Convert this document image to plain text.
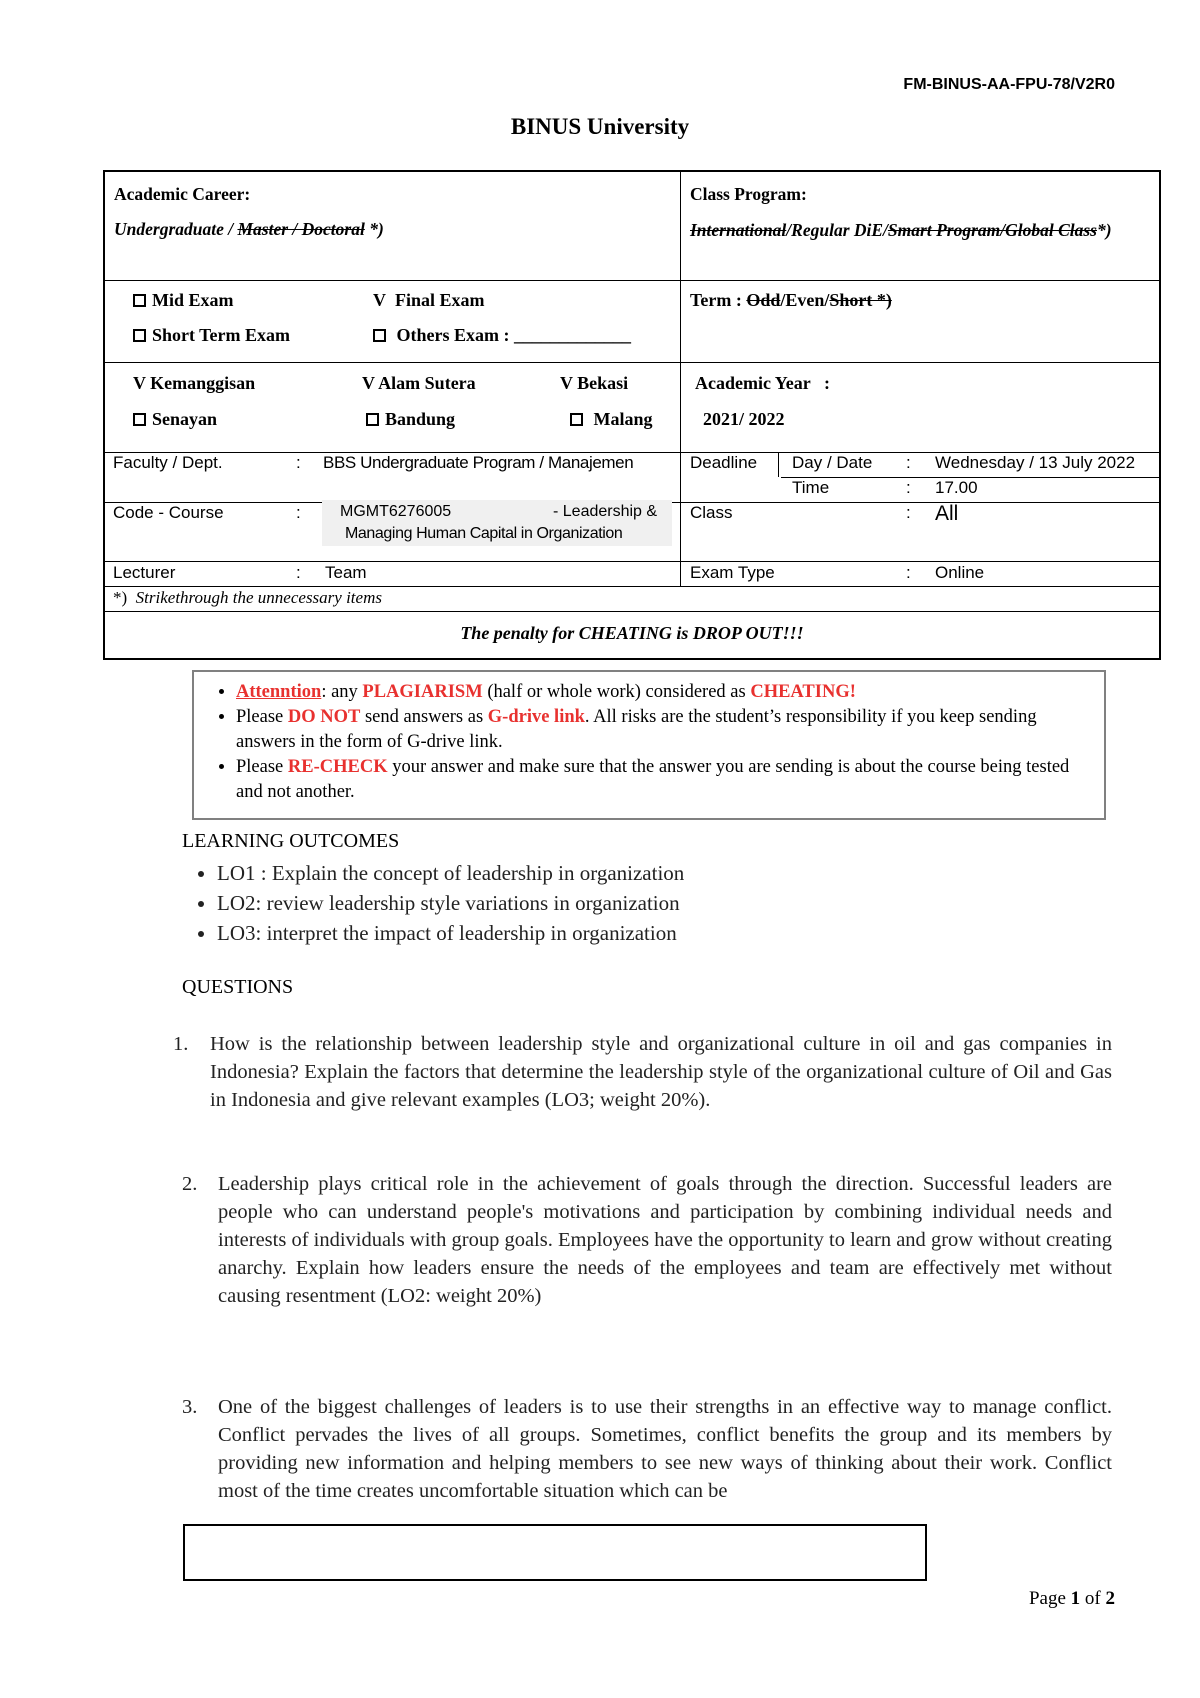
FM-BINUS-AA-FPU-78/V2R0
BINUS University
Academic Career:
Undergraduate / Master / Doctoral *)
Class Program:
International/Regular DiE/Smart Program/Global Class*)
Mid Exam	V Final Exam
Short Term Exam	Others Exam : _____________
Term : Odd/Even/Short *)
V Kemanggisan	V Alam Sutera	V Bekasi
Senayan	Bandung	Malang
Academic Year   :
2021/ 2022
Faculty / Dept.	: BBS Undergraduate Program / Manajemen	Deadline Day / Date : Wednesday / 13 July 2022
Time	: 17.00
Code - Course	: MGMT6276005	- Leadership &
Managing Human Capital in Organization
Class	: All
Lecturer	: Team	Exam Type	: Online
*) Strikethrough the unnecessary items
The penalty for CHEATING is DROP OUT!!!
• Attenntion: any PLAGIARISM (half or whole work) considered as CHEATING!
• Please DO NOT send answers as G-drive link. All risks are the student’s responsibility if you keep sending answers in the form of G-drive link.
• Please RE-CHECK your answer and make sure that the answer you are sending is about the course being tested and not another.
LEARNING OUTCOMES
• LO1 : Explain the concept of leadership in organization
• LO2: review leadership style variations in organization
• LO3: interpret the impact of leadership in organization
QUESTIONS
1. How is the relationship between leadership style and organizational culture in oil and gas companies in Indonesia? Explain the factors that determine the leadership style of the organizational culture of Oil and Gas in Indonesia and give relevant examples (LO3; weight 20%).
2. Leadership plays critical role in the achievement of goals through the direction. Successful leaders are people who can understand people's motivations and participation by combining individual needs and interests of individuals with group goals. Employees have the opportunity to learn and grow without creating anarchy. Explain how leaders ensure the needs of the employees and team are effectively met without causing resentment (LO2: weight 20%)
3. One of the biggest challenges of leaders is to use their strengths in an effective way to manage conflict. Conflict pervades the lives of all groups. Sometimes, conflict benefits the group and its members by providing new information and helping members to see new ways of thinking about their work. Conflict most of the time creates uncomfortable situation which can be
Page 1 of 2
